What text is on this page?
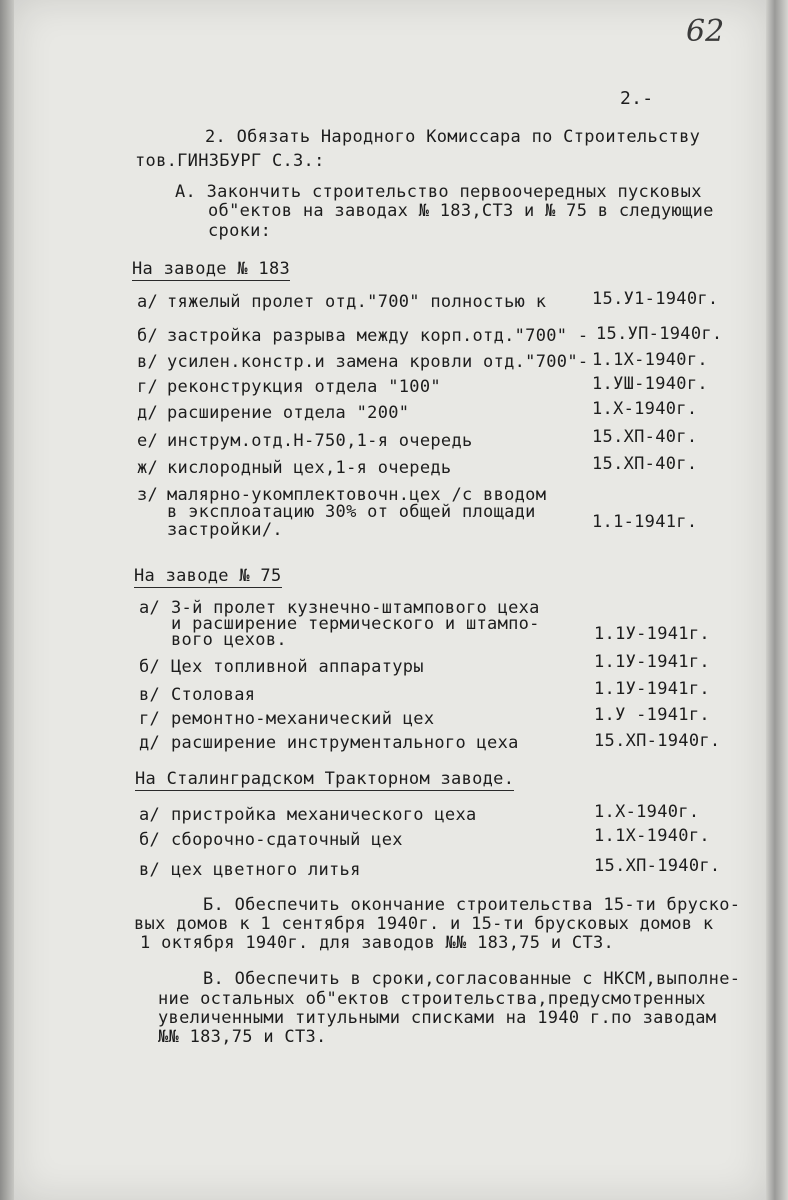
62
2.-
2. Обязать Народного Комиссара по Строительству
тов.ГИНЗБУРГ С.З.:
А. Закончить строительство первоочередных пусковых
об"ектов на заводах № 183,СТЗ и № 75 в следующие
сроки:
На заводе № 183
а/ тяжелый пролет отд."700" полностью к	15.У1-1940г.
б/ застройка разрыва между корп.отд."700" - 15.УП-1940г.
в/ усилен.констр.и замена кровли отд."700"- 1.1Х-1940г.
г/ реконструкция отдела "100"	1.УШ-1940г.
д/ расширение отдела "200"	1.Х-1940г.
е/ инструм.отд.Н-750,1-я очередь	15.ХП-40г.
ж/ кислородный цех,1-я очередь	15.ХП-40г.
з/ малярно-укомплектовочн.цех /с вводом
в эксплоатацию 30% от общей площади
застройки/.	1.1-1941г.
На заводе № 75
а/ 3-й пролет кузнечно-штампового цеха
и расширение термического и штампо-
вого цехов.	1.1У-1941г.
б/ Цех топливной аппаратуры	1.1У-1941г.
в/ Столовая	1.1У-1941г.
г/ ремонтно-механический цех	1.У -1941г.
д/ расширение инструментального цеха	15.ХП-1940г.
На Сталинградском Тракторном заводе.
а/ пристройка механического цеха	1.Х-1940г.
б/ сборочно-сдаточный цех	1.1Х-1940г.
в/ цех цветного литья	15.ХП-1940г.
Б. Обеспечить окончание строительства 15-ти бруско-
вых домов к 1 сентября 1940г. и 15-ти брусковых домов к
1 октября 1940г. для заводов №№ 183,75 и СТЗ.
В. Обеспечить в сроки,согласованные с НКСМ,выполне-
ние остальных об"ектов строительства,предусмотренных
увеличенными титульными списками на 1940 г.по заводам
№№ 183,75 и СТЗ.
